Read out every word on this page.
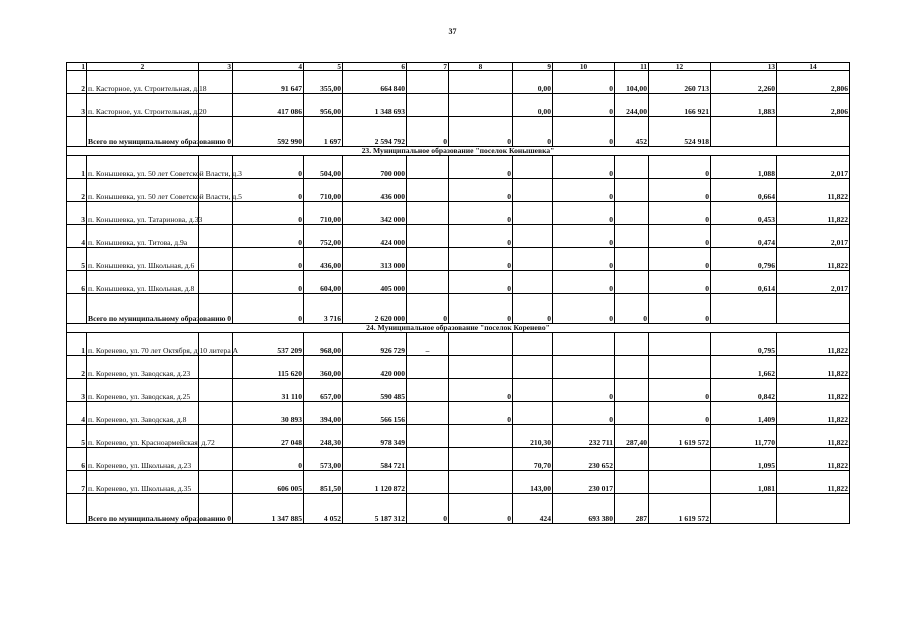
37
1	2	3	4	5	6	7	8	9	10	11	12	13	14
2	п. Касторное, ул. Строительная, д.18		91 647	355,00	664 840			0,00	0	104,00	260 713	2,260	2,806
3	п. Касторное, ул. Строительная, д.20		417 086	956,00	1 348 693			0,00	0	244,00	166 921	1,883	2,806
	Всего по муниципальному образованию	0	592 990	1 697	2 594 792	0	0	0	0	452	524 918		
23. Муниципальное образование "поселок Конышевка"													
1	п. Конышевка, ул. 50 лет Советской Власти, д.3		0	504,00	700 000		0		0		0	1,088	2,017
2	п. Конышевка, ул. 50 лет Советской Власти, д.5		0	710,00	436 000		0		0		0	0,664	11,822
3	п. Конышевка, ул. Татаринова, д.33		0	710,00	342 000		0		0		0	0,453	11,822
4	п. Конышевка, ул. Титова, д.9а		0	752,00	424 000		0		0		0	0,474	2,017
5	п. Конышевка, ул. Школьная, д.6		0	436,00	313 000		0		0		0	0,796	11,822
6	п. Конышевка, ул. Школьная, д.8		0	604,00	405 000		0		0		0	0,614	2,017
	Всего по муниципальному образованию	0	0	3 716	2 620 000	0	0	0	0	0	0		
24. Муниципальное образование "поселок Коренево"													
1	п. Коренево, ул. 70 лет Октября, д.10 литера А		537 209	968,00	926 729	–						0,795	11,822
2	п. Коренево, ул. Заводская, д.23		115 620	360,00	420 000							1,662	11,822
3	п. Коренево, ул. Заводская, д.25		31 110	657,00	590 485		0		0		0	0,842	11,822
4	п. Коренево, ул. Заводская, д.8		30 893	394,00	566 156		0		0		0	1,409	11,822
5	п. Коренево, ул. Красноармейская, д.72		27 048	248,30	978 349			210,30	232 711	287,40	1 619 572	11,770	11,822
6	п. Коренево, ул. Школьная, д.23		0	573,00	584 721			70,70	230 652			1,095	11,822
7	п. Коренево, ул. Школьная, д.35		606 005	851,50	1 120 872			143,00	230 017			1,081	11,822
	Всего по муниципальному образованию	0	1 347 885	4 052	5 187 312	0	0	424	693 380	287	1 619 572		
